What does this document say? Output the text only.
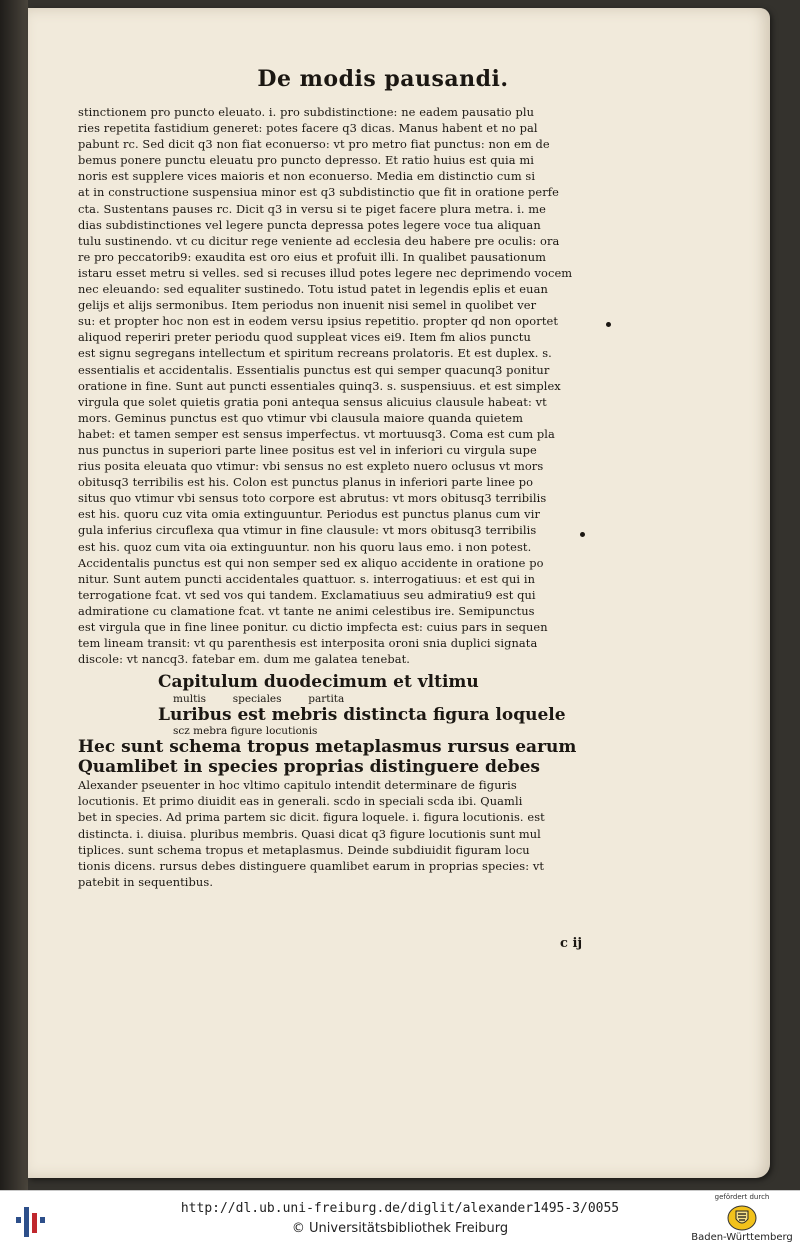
De modis pausandi.
stinctionem pro puncto eleuato. i. pro subdistinctione: ne eadem pausatio plu
ries repetita fastidium generet: potes facere q3 dicas. Manus habent et no pal
pabunt rc. Sed dicit q3 non fiat econuerso: vt pro metro fiat punctus: non em de
bemus ponere punctu eleuatu pro puncto depresso. Et ratio huius est quia mi
noris est supplere vices maioris et non econuerso. Media em distinctio cum si
at in constructione suspensiua minor est q3 subdistinctio que fit in oratione perfe
cta. Sustentans pauses rc. Dicit q3 in versu si te piget facere plura metra. i. me
dias subdistinctiones vel legere puncta depressa potes legere voce tua aliquan
tulu sustinendo. vt cu dicitur rege veniente ad ecclesia deu habere pre oculis: ora
re pro peccatorib9: exaudita est oro eius et profuit illi. In qualibet pausationum
istaru esset metru si velles. sed si recuses illud potes legere nec deprimendo vocem
nec eleuando: sed equaliter sustinedo. Totu istud patet in legendis eplis et euan
gelijs et alijs sermonibus. Item periodus non inuenit nisi semel in quolibet ver
su: et propter hoc non est in eodem versu ipsius repetitio. propter qd non oportet
aliquod reperiri preter periodu quod suppleat vices ei9. Item fm alios punctu
est signu segregans intellectum et spiritum recreans prolatoris. Et est duplex. s.
essentialis et accidentalis. Essentialis punctus est qui semper quacunq3 ponitur
oratione in fine. Sunt aut puncti essentiales quinq3. s. suspensiuus. et est simplex
virgula que solet quietis gratia poni antequa sensus alicuius clausule habeat: vt
mors. Geminus punctus est quo vtimur vbi clausula maiore quanda quietem
habet: et tamen semper est sensus imperfectus. vt mortuusq3. Coma est cum pla
nus punctus in superiori parte linee positus est vel in inferiori cu virgula supe
rius posita eleuata quo vtimur: vbi sensus no est expleto nuero oclusus vt mors
obitusq3 terribilis est his. Colon est punctus planus in inferiori parte linee po
situs quo vtimur vbi sensus toto corpore est abrutus: vt mors obitusq3 terribilis
est his. quoru cuz vita omia extinguuntur. Periodus est punctus planus cum vir
gula inferius circuflexa qua vtimur in fine clausule: vt mors obitusq3 terribilis
est his. quoz cum vita oia extinguuntur. non his quoru laus emo. i non potest.
Accidentalis punctus est qui non semper sed ex aliquo accidente in oratione po
nitur. Sunt autem puncti accidentales quattuor. s. interrogatiuus: et est qui in
terrogatione fcat. vt sed vos qui tandem. Exclamatiuus seu admiratiu9 est qui
admiratione cu clamatione fcat. vt tante ne animi celestibus ire. Semipunctus
est virgula que in fine linee ponitur. cu dictio impfecta est: cuius pars in sequen
tem lineam transit: vt qu parenthesis est interposita oroni snia duplici signata
discole: vt nancq3. fatebar em. dum me galatea tenebat.
Capitulum duodecimum et vltimu
multis        speciales        partita
Luribus est mebris distincta figura loquele
scz mebra figure locutionis
Hec sunt schema tropus metaplasmus rursus earum
Quamlibet in species proprias distinguere debes
Alexander pseuenter in hoc vltimo capitulo intendit determinare de figuris
locutionis. Et primo diuidit eas in generali. scdo in speciali scda ibi. Quamli
bet in species. Ad prima partem sic dicit. figura loquele. i. figura locutionis. est
distincta. i. diuisa. pluribus membris. Quasi dicat q3 figure locutionis sunt mul
tiplices. sunt schema tropus et metaplasmus. Deinde subdiuidit figuram locu
tionis dicens. rursus debes distinguere quamlibet earum in proprias species: vt
patebit in sequentibus.
c ij
http://dl.ub.uni-freiburg.de/diglit/alexander1495-3/0055
© Universitätsbibliothek Freiburg
gefördert durch
Baden-Württemberg
